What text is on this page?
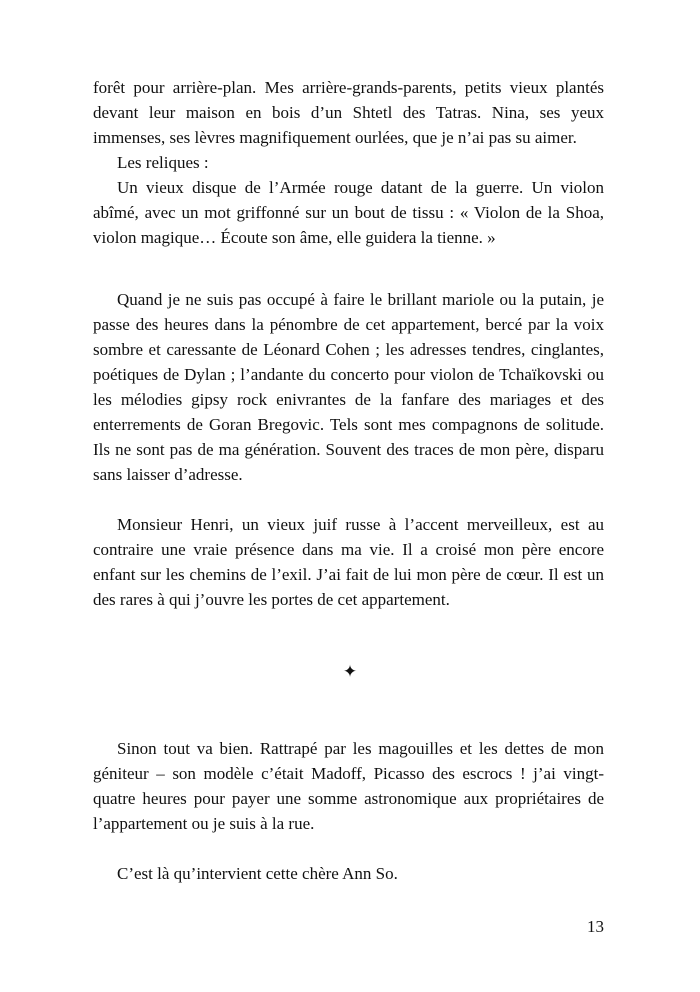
forêt pour arrière-plan. Mes arrière-grands-parents, petits vieux plantés devant leur maison en bois d’un Shtetl des Tatras. Nina, ses yeux immenses, ses lèvres magnifiquement ourlées, que je n’ai pas su aimer.

Les reliques :

Un vieux disque de l’Armée rouge datant de la guerre. Un violon abîmé, avec un mot griffonné sur un bout de tissu : « Violon de la Shoa, violon magique… Écoute son âme, elle guidera la tienne. »

Quand je ne suis pas occupé à faire le brillant mariole ou la putain, je passe des heures dans la pénombre de cet appartement, bercé par la voix sombre et caressante de Léonard Cohen ; les adresses tendres, cinglantes, poétiques de Dylan ; l’andante du concerto pour violon de Tchaïkovski ou les mélodies gipsy rock enivrantes de la fanfare des mariages et des enterrements de Goran Bregovic. Tels sont mes compagnons de solitude. Ils ne sont pas de ma génération. Souvent des traces de mon père, disparu sans laisser d’adresse.

Monsieur Henri, un vieux juif russe à l’accent merveilleux, est au contraire une vraie présence dans ma vie. Il a croisé mon père encore enfant sur les chemins de l’exil. J’ai fait de lui mon père de cœur. Il est un des rares à qui j’ouvre les portes de cet appartement.

✦

Sinon tout va bien. Rattrapé par les magouilles et les dettes de mon géniteur – son modèle c’était Madoff, Picasso des escrocs ! j’ai vingt-quatre heures pour payer une somme astronomique aux propriétaires de l’appartement ou je suis à la rue.

C’est là qu’intervient cette chère Ann So.

13
